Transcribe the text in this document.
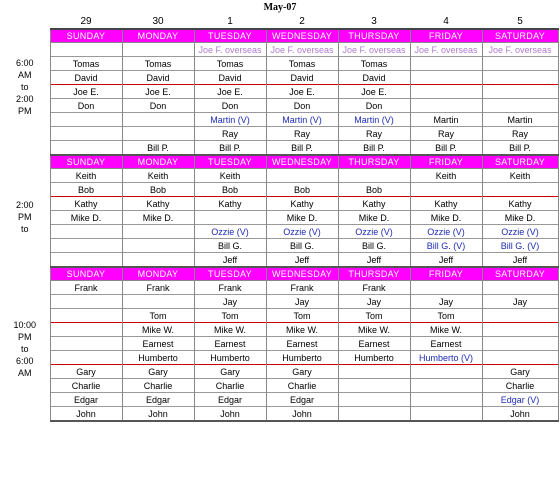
May-07
	29	30	1	2	3	4	5
	SUNDAY	MONDAY	TUESDAY	WEDNESDAY	THURSDAY	FRIDAY	SATURDAY
6:00
AM
to
2:00
PM			Joe F. overseas	Joe F. overseas	Joe F. overseas	Joe F. overseas	Joe F. overseas
	Tomas	Tomas	Tomas	Tomas	Tomas		
	David	David	David	David	David		
	Joe E.	Joe E.	Joe E.	Joe E.	Joe E.		
	Don	Don	Don	Don	Don		
			Martin (V)	Martin (V)	Martin (V)	Martin	Martin
			Ray	Ray	Ray	Ray	Ray
		Bill P.	Bill P.	Bill P.	Bill P.	Bill P.	Bill P.
	SUNDAY	MONDAY	TUESDAY	WEDNESDAY	THURSDAY	FRIDAY	SATURDAY
2:00
PM
to	Keith	Keith	Keith			Keith	Keith
	Bob	Bob	Bob	Bob	Bob		
	Kathy	Kathy	Kathy	Kathy	Kathy	Kathy	Kathy
	Mike D.	Mike D.		Mike D.	Mike D.	Mike D.	Mike D.
			Ozzie (V)	Ozzie (V)	Ozzie (V)	Ozzie (V)	Ozzie (V)
			Bill G.	Bill G.	Bill G.	Bill G. (V)	Bill G. (V)
			Jeff	Jeff	Jeff	Jeff	Jeff
	SUNDAY	MONDAY	TUESDAY	WEDNESDAY	THURSDAY	FRIDAY	SATURDAY
10:00
PM
to
6:00
AM	Frank	Frank	Frank	Frank	Frank		
			Jay	Jay	Jay	Jay	Jay
		Tom	Tom	Tom	Tom	Tom	
		Mike W.	Mike W.	Mike W.	Mike W.	Mike W.	
		Earnest	Earnest	Earnest	Earnest	Earnest	
		Humberto	Humberto	Humberto	Humberto	Humberto (V)	
	Gary	Gary	Gary	Gary			Gary
	Charlie	Charlie	Charlie	Charlie			Charlie
	Edgar	Edgar	Edgar	Edgar			Edgar (V)
	John	John	John	John			John
